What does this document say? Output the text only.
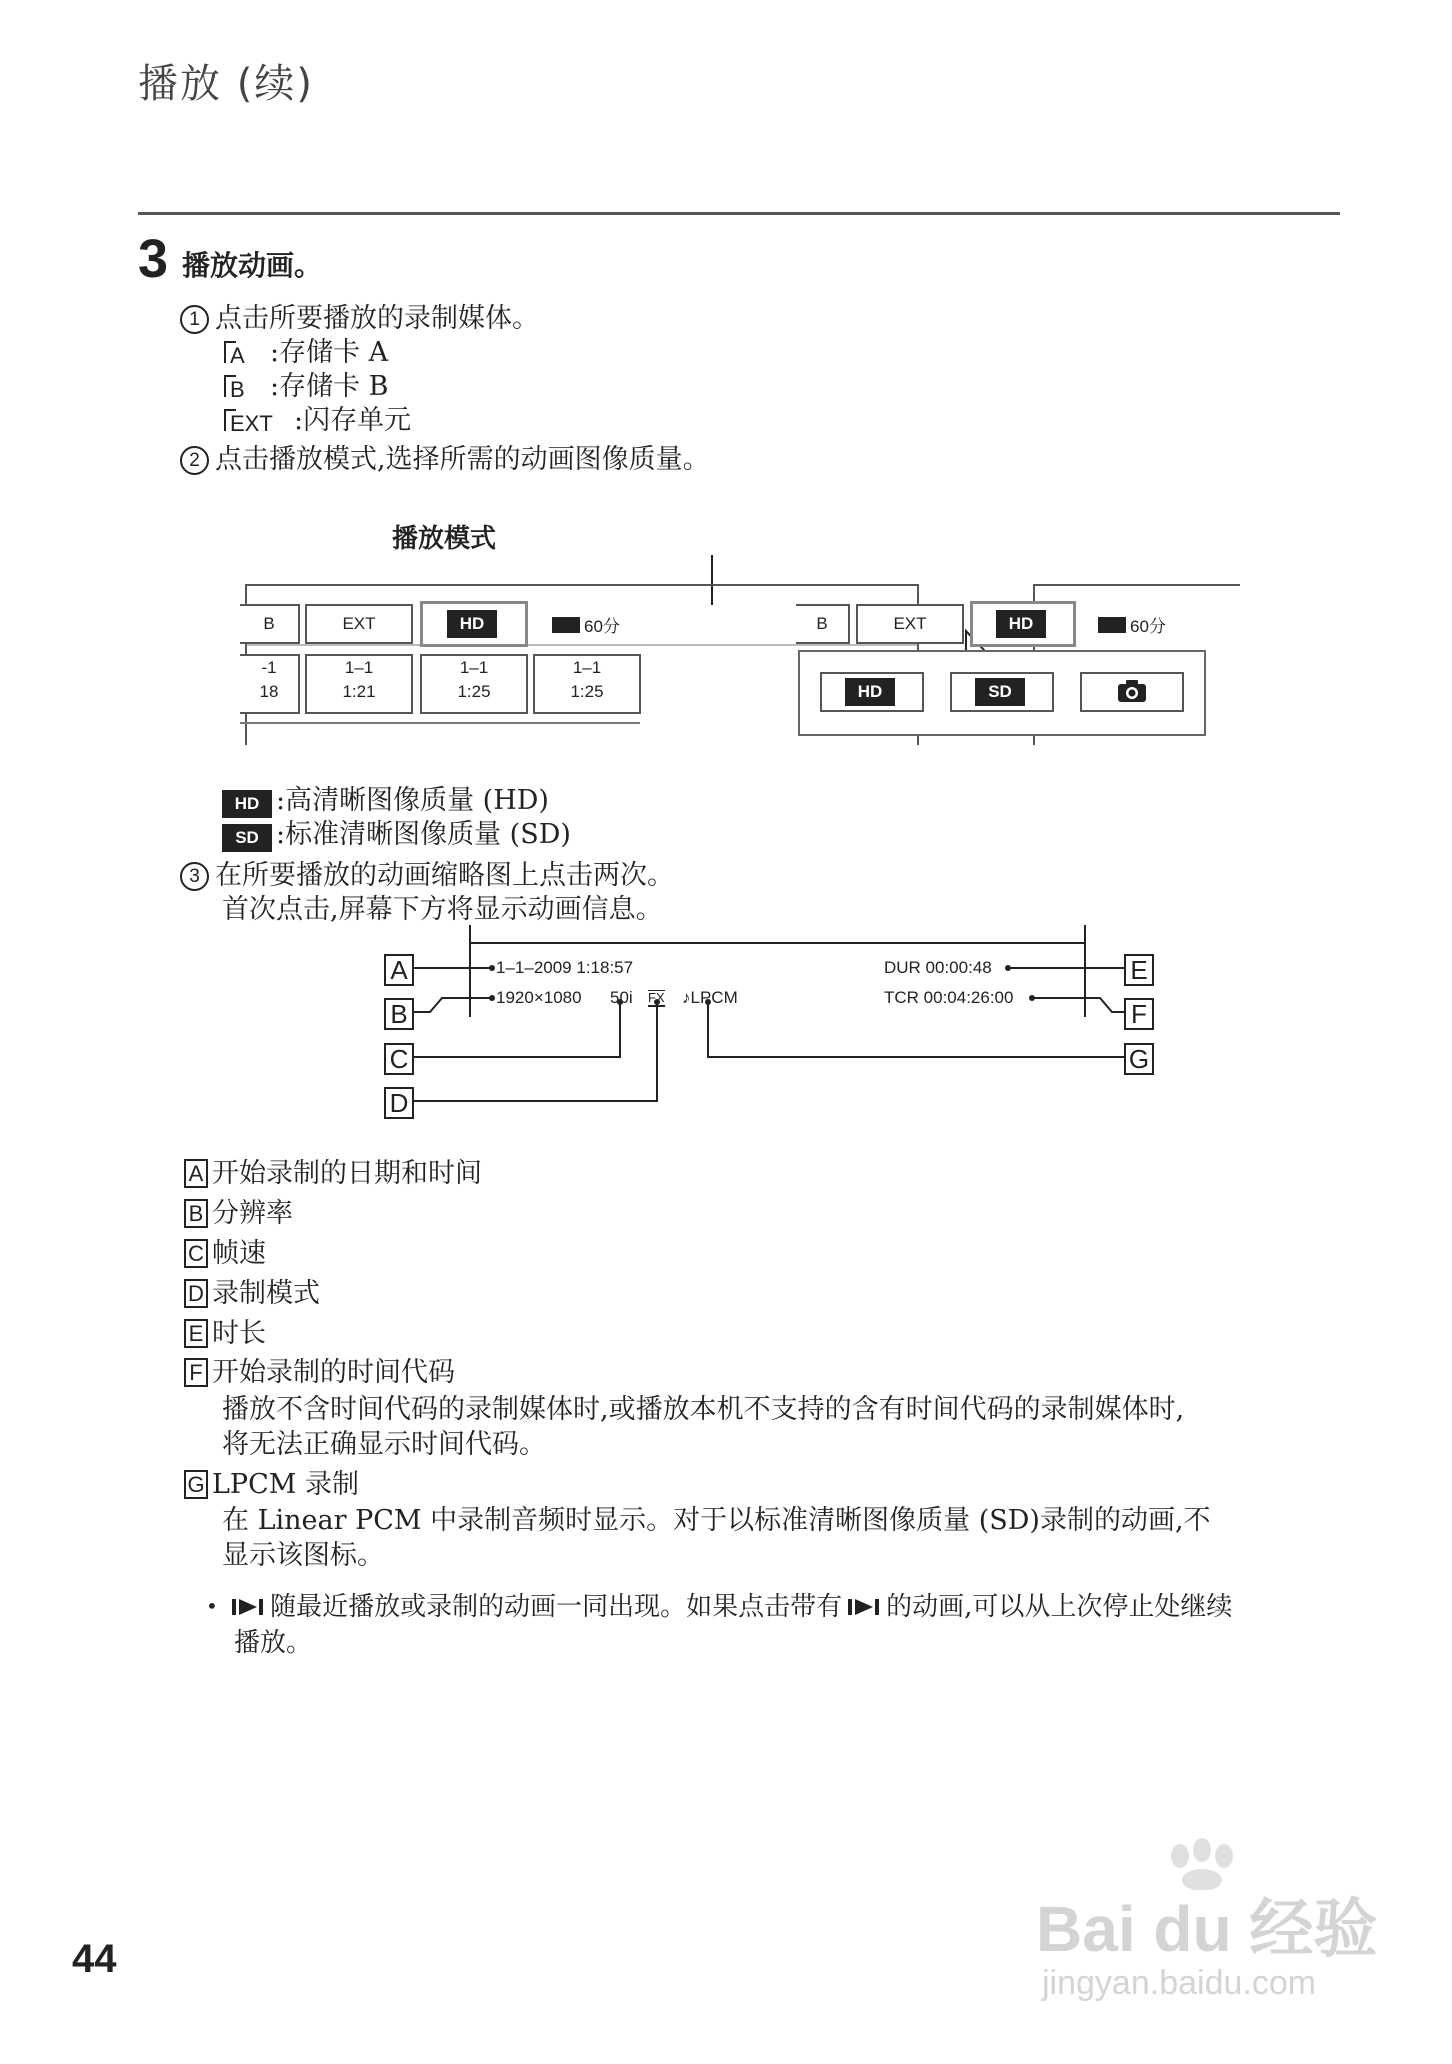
播放 (续)
3 播放动画。
1 点击所要播放的录制媒体。
A :存储卡 A
B :存储卡 B
EXT :闪存单元
2 点击播放模式,选择所需的动画图像质量。
播放模式
B	EXT	HD	60分
-1
18
1–1
1:21
1–1
1:25
1–1
1:25
B	EXT	HD	60分
HD	SD
HD :高清晰图像质量 (HD)
SD :标准清晰图像质量 (SD)
3 在所要播放的动画缩略图上点击两次。
首次点击,屏幕下方将显示动画信息。
A
B
C
D
E
F
G
1–1–2009 1:18:57
1920×1080 50i FX ♪LPCM
DUR 00:00:48
TCR 00:04:26:00
A 开始录制的日期和时间
B 分辨率
C 帧速
D 录制模式
E 时长
F 开始录制的时间代码
播放不含时间代码的录制媒体时,或播放本机不支持的含有时间代码的录制媒体时,
将无法正确显示时间代码。
G LPCM 录制
在 Linear PCM 中录制音频时显示。对于以标准清晰图像质量 (SD)录制的动画,不
显示该图标。
• 随最近播放或录制的动画一同出现。如果点击带有 的动画,可以从上次停止处继续
播放。
44	Bai du 经验
jingyan.baidu.com
